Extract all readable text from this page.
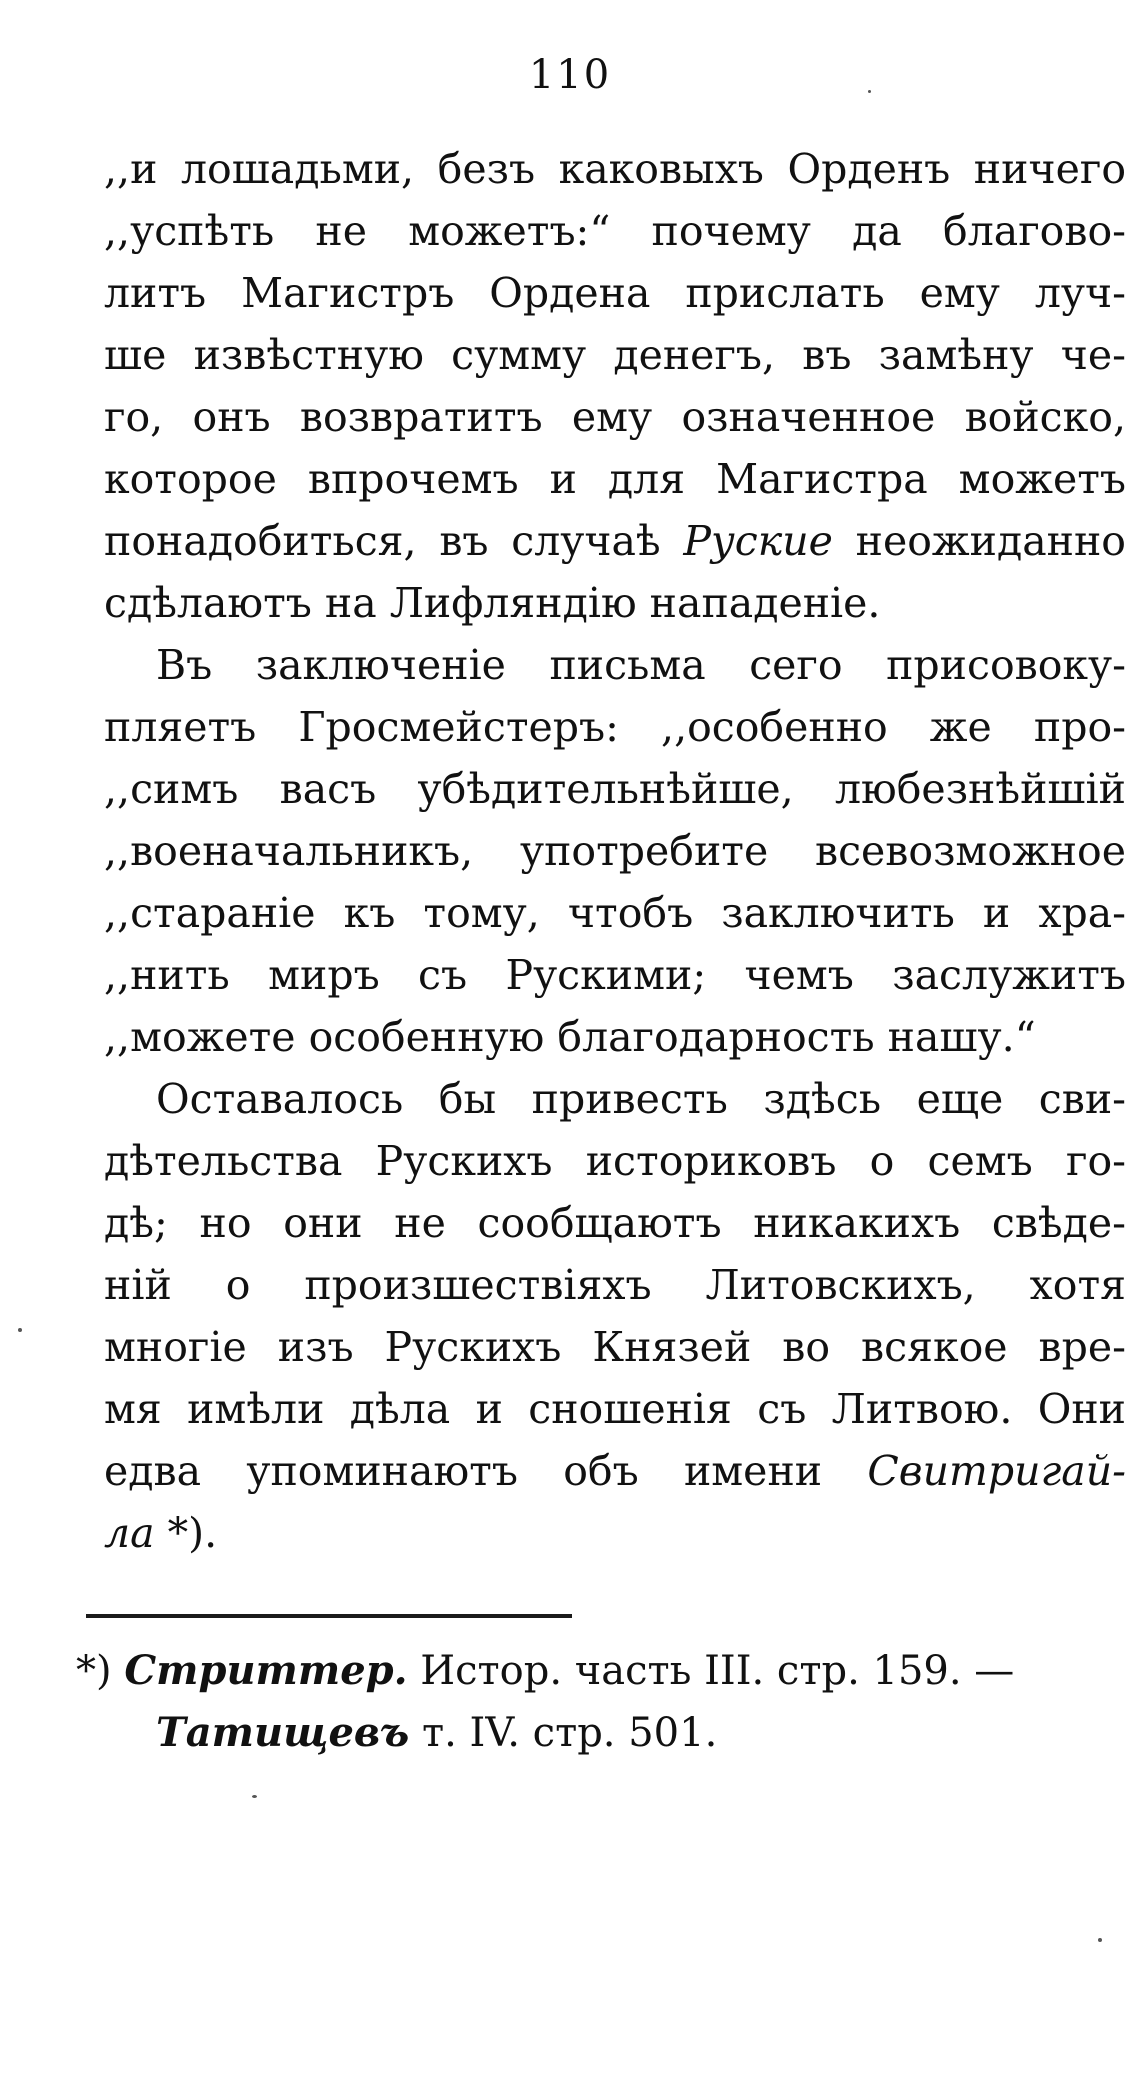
110
,,и лошадьми, безъ каковыхъ Орденъ ничего
,,успѣть не можетъ:“ почему да благово-
литъ Магистръ Ордена прислать ему луч-
ше извѣстную сумму денегъ, въ замѣну че-
го, онъ возвратитъ ему означенное войско,
которое впрочемъ и для Магистра можетъ
понадобиться, въ случаѣ Руские неожиданно
сдѣлаютъ на Лифляндію нападеніе.
Въ заключеніе письма сего присовоку-
пляетъ Гросмейстеръ: ,,особенно же про-
,,симъ васъ убѣдительнѣйше, любезнѣйшій
,,военачальникъ, употребите всевозможное
,,стараніе къ тому, чтобъ заключить и хра-
,,нить миръ съ Рускими; чемъ заслужитъ
,,можете особенную благодарность нашу.“
Оставалось бы привесть здѣсь еще сви-
дѣтельства Рускихъ историковъ о семъ го-
дѣ; но они не сообщаютъ никакихъ свѣде-
ній о произшествіяхъ Литовскихъ, хотя
многіе изъ Рускихъ Князей во всякое вре-
мя имѣли дѣла и сношенія съ Литвою. Они
едва упоминаютъ объ имени Свитригай-
ла *).
*) Стриттер. Истор. часть III. стр. 159. —
Татищевъ т. IV. стр. 501.
